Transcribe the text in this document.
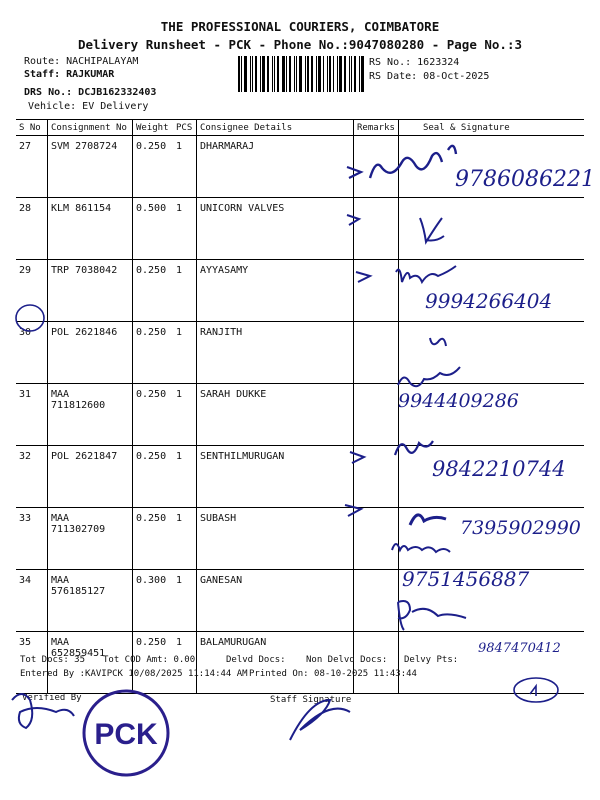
THE PROFESSIONAL COURIERS, COIMBATORE
Delivery Runsheet - PCK - Phone No.:9047080280 - Page No.:3
Route: NACHIPALAYAM
Staff: RAJKUMAR
DRS No.: DCJB162332403
Vehicle: EV Delivery
RS No.: 1623324
RS Date: 08-Oct-2025
S No	Consignment No	Weight	PCS	Consignee Details	Remarks	Seal & Signature
27	SVM 2708724	0.250	1	DHARMARAJ		
28	KLM 861154	0.500	1	UNICORN VALVES		
29	TRP 7038042	0.250	1	AYYASAMY		
30	POL 2621846	0.250	1	RANJITH		
31	MAA 711812600	0.250	1	SARAH DUKKE		
32	POL 2621847	0.250	1	SENTHILMURUGAN		
33	MAA 711302709	0.250	1	SUBASH		
34	MAA 576185127	0.300	1	GANESAN		
35	MAA 652859451	0.250	1	BALAMURUGAN		
Tot Docs: 35 Tot COD Amt: 0.00	Delvd Docs: Non Delvd Docs: Delvy Pts:
Entered By :KAVIPCK 10/08/2025 11:14:44 AM Printed On: 08-10-2025 11:43:44
Verified By	Staff Signature
9786086221
9994266404
9944409286
9842210744
7395902990
9751456887
9847470412
PCK
